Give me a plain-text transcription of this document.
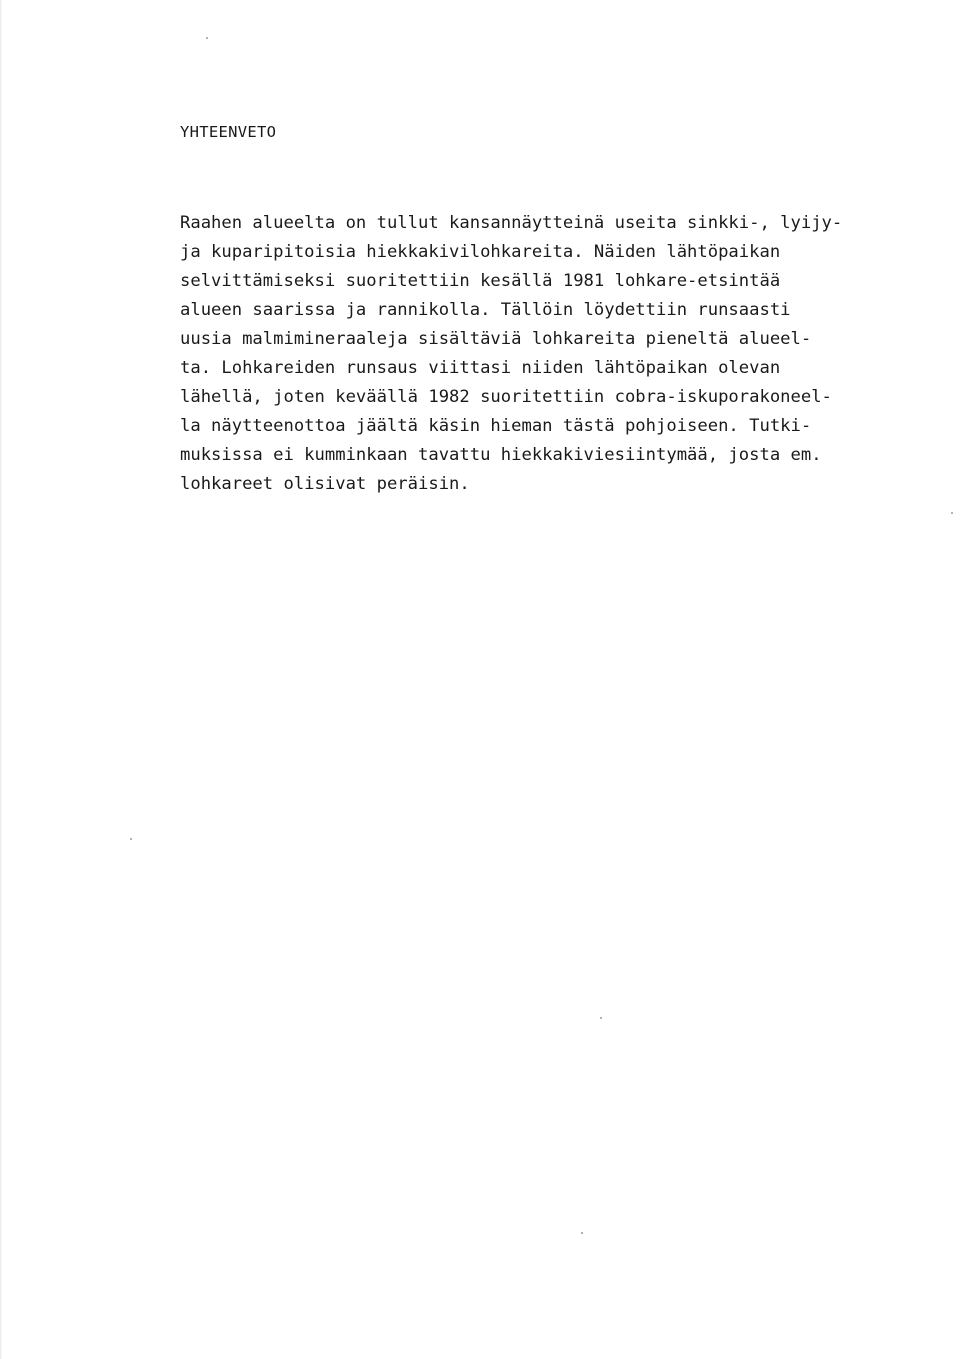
YHTEENVETO
Raahen alueelta on tullut kansannäytteinä useita sinkki-, lyijy-
ja kuparipitoisia hiekkakivilohkareita. Näiden lähtöpaikan
selvittämiseksi suoritettiin kesällä 1981 lohkare-etsintää
alueen saarissa ja rannikolla. Tällöin löydettiin runsaasti
uusia malmimineraaleja sisältäviä lohkareita pieneltä alueel-
ta. Lohkareiden runsaus viittasi niiden lähtöpaikan olevan
lähellä, joten keväällä 1982 suoritettiin cobra-iskuporakoneel-
la näytteenottoa jäältä käsin hieman tästä pohjoiseen. Tutki-
muksissa ei kumminkaan tavattu hiekkakiviesiintymää, josta em.
lohkareet olisivat peräisin.
